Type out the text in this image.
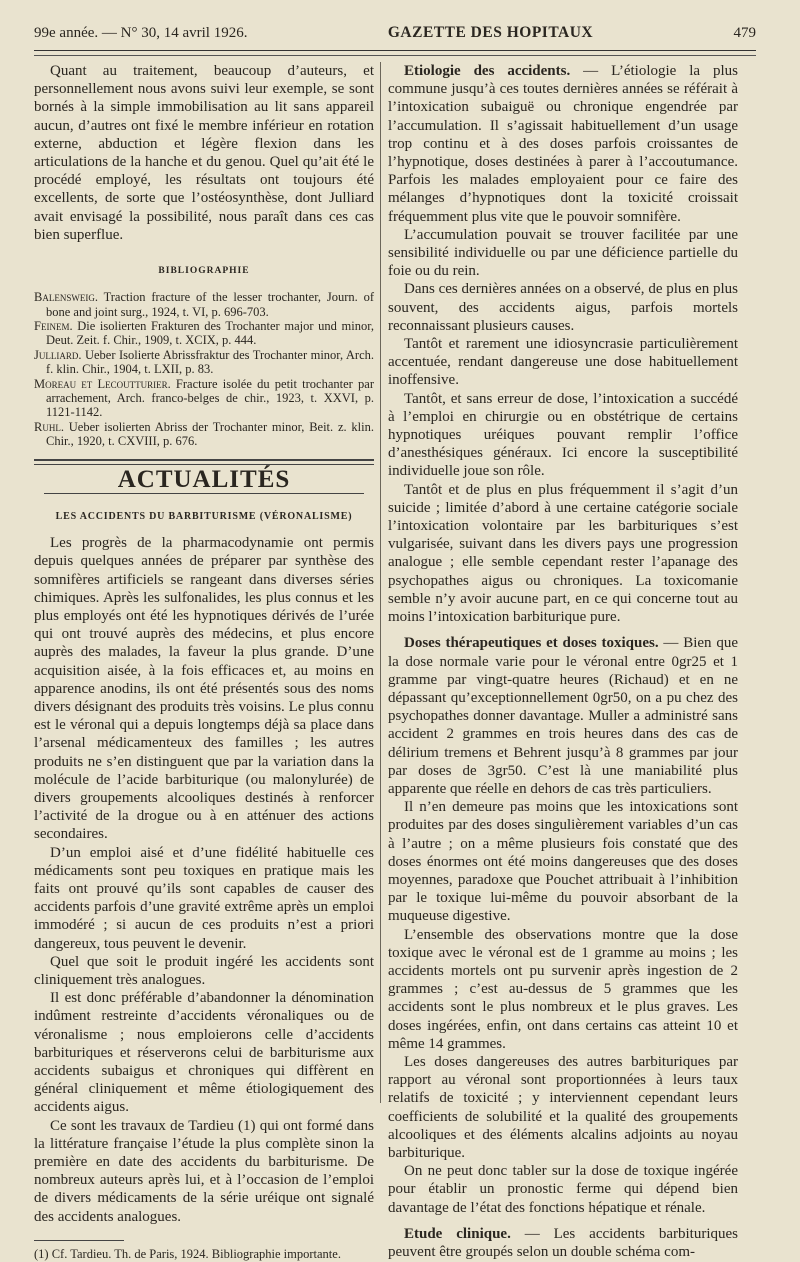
99e année. — N° 30, 14 avril 1926.	GAZETTE DES HOPITAUX	479

Quant au traitement, beaucoup d’auteurs, et personnellement nous avons suivi leur exemple, se sont bornés à la simple immobilisation au lit sans appareil aucun, d’autres ont fixé le membre inférieur en rotation externe, abduction et légère flexion dans les articulations de la hanche et du genou. Quel qu’ait été le procédé employé, les résultats ont toujours été excellents, de sorte que l’ostéosynthèse, dont Julliard avait envisagé la possibilité, nous paraît dans ces cas bien superflue.

BIBLIOGRAPHIE

Balensweig. Traction fracture of the lesser trochanter, Journ. of bone and joint surg., 1924, t. VI, p. 696-703.

Feinem. Die isolierten Frakturen des Trochanter major und minor, Deut. Zeit. f. Chir., 1909, t. XCIX, p. 444.

Julliard. Ueber Isolierte Abrissfraktur des Trochanter minor, Arch. f. klin. Chir., 1904, t. LXII, p. 83.

Moreau et Lecoutturier. Fracture isolée du petit trochanter par arrachement, Arch. franco-belges de chir., 1923, t. XXVI, p. 1121-1142.

Ruhl. Ueber isolierten Abriss der Trochanter minor, Beit. z. klin. Chir., 1920, t. CXVIII, p. 676.

ACTUALITÉS
LES ACCIDENTS DU BARBITURISME (VÉRONALISME)

Les progrès de la pharmacodynamie ont permis depuis quelques années de préparer par synthèse des somnifères artificiels se rangeant dans diverses séries chimiques. Après les sulfonalides, les plus connus et les plus employés ont été les hypnotiques dérivés de l’urée qui ont trouvé auprès des médecins, et plus encore auprès des malades, la faveur la plus grande. D’une acquisition aisée, à la fois efficaces et, au moins en apparence anodins, ils ont été présentés sous des noms divers désignant des produits très voisins. Le plus connu est le véronal qui a depuis longtemps déjà sa place dans l’arsenal médicamenteux des familles ; les autres produits ne s’en distinguent que par la variation dans la molécule de l’acide barbiturique (ou malonylurée) de divers groupements alcooliques destinés à renforcer l’activité de la drogue ou à en atténuer des actions secondaires.

D’un emploi aisé et d’une fidélité habituelle ces médicaments sont peu toxiques en pratique mais les faits ont prouvé qu’ils sont capables de causer des accidents parfois d’une gravité extrême après un emploi immodéré ; si aucun de ces produits n’est a priori dangereux, tous peuvent le devenir.

Quel que soit le produit ingéré les accidents sont cliniquement très analogues.

Il est donc préférable d’abandonner la dénomination indûment restreinte d’accidents véronaliques ou de véronalisme ; nous emploierons celle d’accidents barbituriques et réserverons celui de barbiturisme aux accidents subaigus et chroniques qui diffèrent en général cliniquement et même étiologiquement des accidents aigus.

Ce sont les travaux de Tardieu (1) qui ont formé dans la littérature française l’étude la plus complète sinon la première en date des accidents du barbiturisme. De nombreux auteurs après lui, et à l’occasion de l’emploi de divers médicaments de la série uréique ont signalé des accidents analogues.

(1) Cf. Tardieu. Th. de Paris, 1924. Bibliographie importante.

Etiologie des accidents. — L’étiologie la plus commune jusqu’à ces toutes dernières années se référait à l’intoxication subaiguë ou chronique engendrée par l’accumulation. Il s’agissait habituellement d’un usage trop continu et à des doses parfois croissantes de l’hypnotique, doses destinées à parer à l’accoutumance. Parfois les malades employaient pour ce faire des mélanges d’hypnotiques dont la toxicité croissait fréquemment plus vite que le pouvoir somnifère.

L’accumulation pouvait se trouver facilitée par une sensibilité individuelle ou par une déficience partielle du foie ou du rein.

Dans ces dernières années on a observé, de plus en plus souvent, des accidents aigus, parfois mortels reconnaissant plusieurs causes.

Tantôt et rarement une idiosyncrasie particulièrement accentuée, rendant dangereuse une dose habituellement inoffensive.

Tantôt, et sans erreur de dose, l’intoxication a succédé à l’emploi en chirurgie ou en obstétrique de certains hypnotiques uréiques pouvant remplir l’office d’anesthésiques généraux. Ici encore la susceptibilité individuelle joue son rôle.

Tantôt et de plus en plus fréquemment il s’agit d’un suicide ; limitée d’abord à une certaine catégorie sociale l’intoxication volontaire par les barbituriques s’est vulgarisée, suivant dans les divers pays une progression analogue ; elle semble cependant rester l’apanage des psychopathes aigus ou chroniques. La toxicomanie semble n’y avoir aucune part, en ce qui concerne tout au moins l’intoxication barbiturique pure.

Doses thérapeutiques et doses toxiques. — Bien que la dose normale varie pour le véronal entre 0gr25 et 1 gramme par vingt-quatre heures (Richaud) et en ne dépassant qu’exceptionnellement 0gr50, on a pu chez des psychopathes donner davantage. Muller a administré sans accident 2 grammes en trois heures dans des cas de délirium tremens et Behrent jusqu’à 8 grammes par jour par doses de 3gr50. C’est là une maniabilité plus apparente que réelle en dehors de cas très particuliers.

Il n’en demeure pas moins que les intoxications sont produites par des doses singulièrement variables d’un cas à l’autre ; on a même plusieurs fois constaté que des doses énormes ont été moins dangereuses que des doses moyennes, paradoxe que Pouchet attribuait à l’inhibition par le toxique lui-même du pouvoir absorbant de la muqueuse digestive.

L’ensemble des observations montre que la dose toxique avec le véronal est de 1 gramme au moins ; les accidents mortels ont pu survenir après ingestion de 2 grammes ; c’est au-dessus de 5 grammes que les accidents sont le plus nombreux et le plus graves. Les doses ingérées, enfin, ont dans certains cas atteint 10 et même 14 grammes.

Les doses dangereuses des autres barbituriques par rapport au véronal sont proportionnées à leurs taux relatifs de toxicité ; y interviennent cependant leurs coefficients de solubilité et la qualité des groupements alcooliques et des éléments alcalins adjoints au noyau barbiturique.

On ne peut donc tabler sur la dose de toxique ingérée pour établir un pronostic ferme qui dépend bien davantage de l’état des fonctions hépatique et rénale.

Etude clinique. — Les accidents barbituriques peuvent être groupés selon un double schéma com-
